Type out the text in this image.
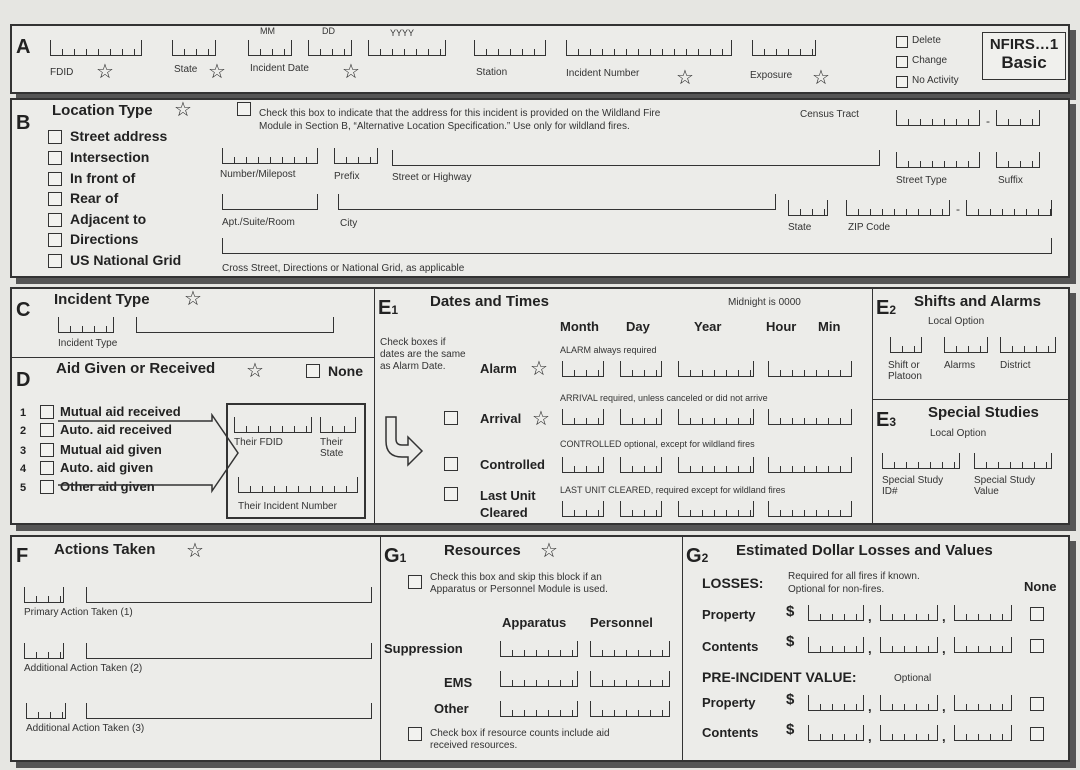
A
FDID ☆	State ☆
MM	DD	YYYY
Incident Date ☆	Station	Incident Number ☆	Exposure ☆
Delete
Change
No Activity
NFIRS…1
Basic
B
Location Type ☆	Check this box to indicate that the address for this incident is provided on the Wildland Fire
Module in Section B, “Alternative Location Specification.” Use only for wildland fires.
Census Tract	-
Street address
Intersection
In front of
Rear of
Adjacent to
Directions
US National Grid
Number/Milepost	Prefix	Street or Highway	Street Type	Suffix
Apt./Suite/Room	City	State	ZIP Code
-
Cross Street, Directions or National Grid, as applicable
C Incident Type ☆
Incident Type
D
Aid Given or Received ☆	None
1	Mutual aid received
2	Auto. aid received
3	Mutual aid given
4	Auto. aid given
5	Other aid given
Their FDID	Their State
Their Incident Number
E1 Dates and Times	Midnight is 0000
Month Day	Year	Hour Min
Check boxes if dates are the same as Alarm Date.
ALARM always required
Alarm ☆
ARRIVAL required, unless canceled or did not arrive
Arrival ☆
CONTROLLED optional, except for wildland fires
Controlled
LAST UNIT CLEARED, required except for wildland fires
Last Unit
Cleared
E2 Shifts and Alarms
Local Option
Shift or Platoon
Alarms District
E3
Special Studies
Local Option
Special Study ID#
Special Study Value
F Actions Taken ☆
Primary Action Taken (1)
Additional Action Taken (2)
Additional Action Taken (3)
G1	Resources ☆
Check this box and skip this block if an
Apparatus or Personnel Module is used.
Apparatus Personnel
Suppression
EMS
Other
Check box if resource counts include aid
received resources.
G2 Estimated Dollar Losses and Values
LOSSES: Required for all fires if known.
Optional for non-fires.	None
Property $	,	,
Contents $	,	,
PRE-INCIDENT VALUE:	Optional
Property $	,	,
Contents $	,	,
